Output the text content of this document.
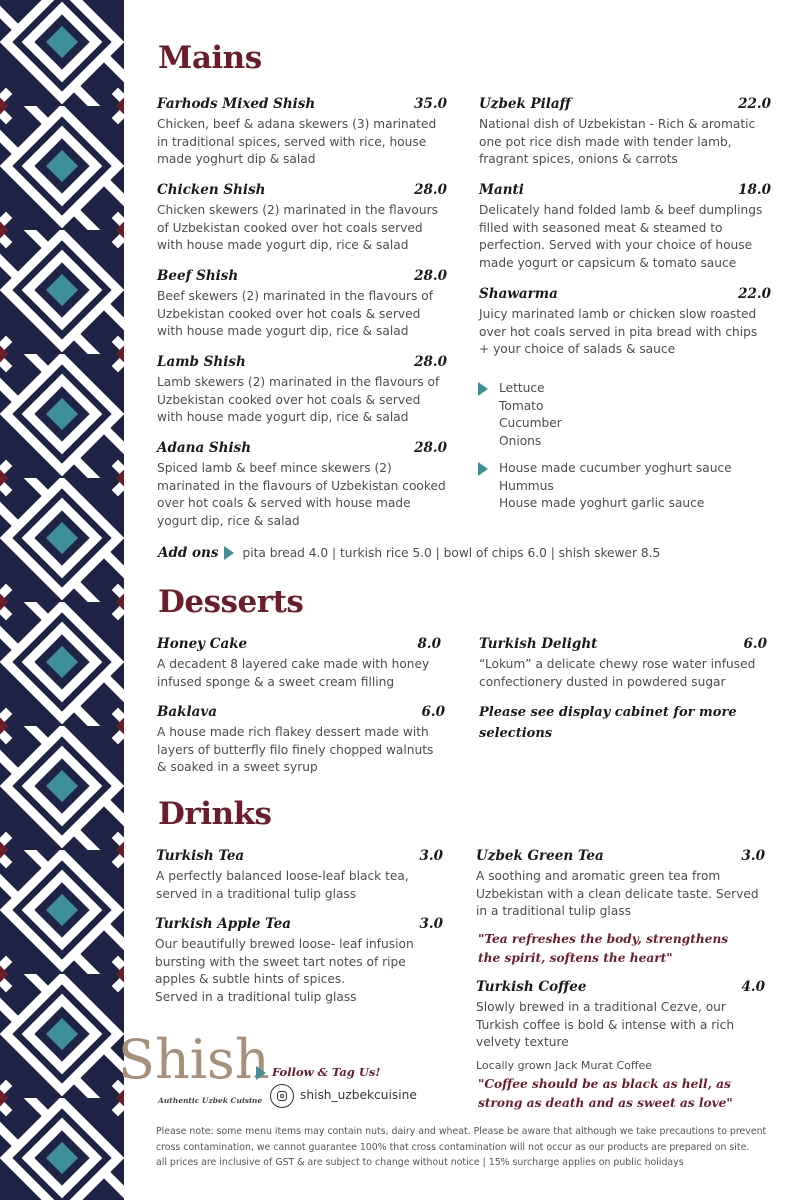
Mains
Farhods Mixed Shish	35.0
Chicken, beef & adana skewers (3) marinated in traditional spices, served with rice, house made yoghurt dip & salad
Chicken Shish	28.0
Chicken skewers (2) marinated in the flavours of Uzbekistan cooked over hot coals served with house made yogurt dip, rice & salad
Beef Shish	28.0
Beef skewers (2) marinated in the flavours of Uzbekistan cooked over hot coals & served with house made yogurt dip, rice & salad
Lamb Shish	28.0
Lamb skewers (2) marinated in the flavours of Uzbekistan cooked over hot coals & served with house made yogurt dip, rice & salad
Adana Shish	28.0
Spiced lamb & beef mince skewers (2) marinated in the flavours of Uzbekistan cooked over hot coals & served with house made yogurt dip, rice & salad
Uzbek Pilaff	22.0
National dish of Uzbekistan - Rich & aromatic one pot rice dish made with tender lamb, fragrant spices, onions & carrots
Manti	18.0
Delicately hand folded lamb & beef dumplings filled with seasoned meat & steamed to perfection. Served with your choice of house made yogurt or capsicum & tomato sauce
Shawarma	22.0
Juicy marinated lamb or chicken slow roasted over hot coals served in pita bread with chips + your choice of salads & sauce
Lettuce
Tomato
Cucumber
Onions
House made cucumber yoghurt sauce
Hummus
House made yoghurt garlic sauce
Add ons pita bread 4.0 | turkish rice 5.0 | bowl of chips 6.0 | shish skewer 8.5
Desserts
Honey Cake	8.0
A decadent 8 layered cake made with honey infused sponge & a sweet cream filling
Baklava	6.0
A house made rich flakey dessert made with layers of butterfly filo finely chopped walnuts & soaked in a sweet syrup
Turkish Delight	6.0
“Lokum” a delicate chewy rose water infused confectionery dusted in powdered sugar
Please see display cabinet for more selections
Drinks
Turkish Tea	3.0
A perfectly balanced loose-leaf black tea, served in a traditional tulip glass
Turkish Apple Tea	3.0
Our beautifully brewed loose- leaf infusion bursting with the sweet tart notes of ripe apples & subtle hints of spices.
Served in a traditional tulip glass
Uzbek Green Tea	3.0
A soothing and aromatic green tea from Uzbekistan with a clean delicate taste. Served in a traditional tulip glass
"Tea refreshes the body, strengthens the spirit, softens the heart"
Turkish Coffee	4.0
Slowly brewed in a traditional Cezve, our Turkish coffee is bold & intense with a rich velvety texture
Locally grown Jack Murat Coffee
"Coffee should be as black as hell, as strong as death and as sweet as love"
Shish
Authentic Uzbek Cuisine
Follow & Tag Us!
shish_uzbekcuisine
Please note: some menu items may contain nuts, dairy and wheat. Please be aware that although we take precautions to prevent
cross contamination, we cannot guarantee 100% that cross contamination will not occur as our products are prepared on site.
all prices are inclusive of GST & are subject to change without notice | 15% surcharge applies on public holidays
